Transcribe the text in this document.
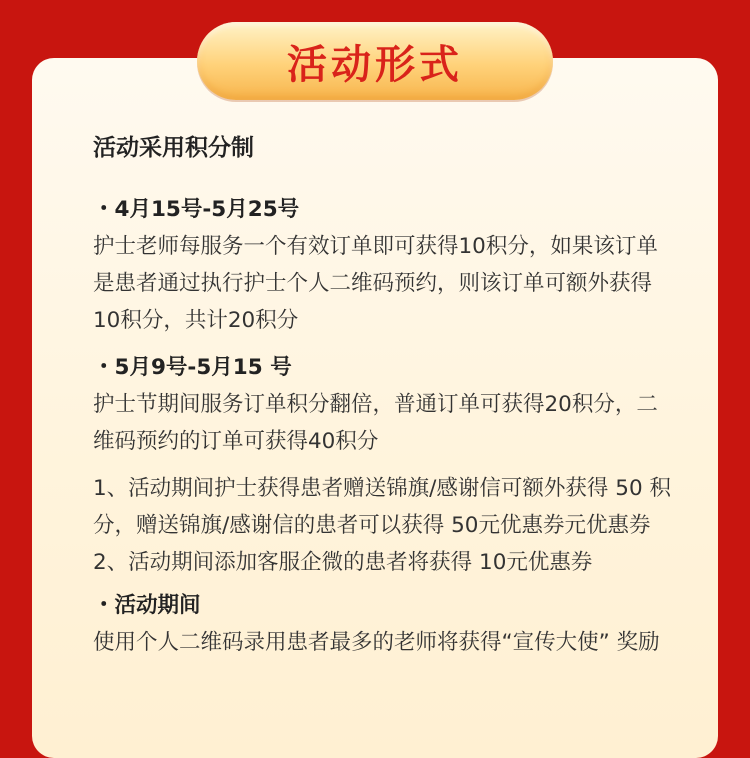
活动形式
活动采用积分制
・4月15号-5月25号

护士老师每服务一个有效订单即可获得10积分，如果该订单是患者通过执行护士个人二维码预约，则该订单可额外获得10积分，共计20积分

・5月9号-5月15 号

护士节期间服务订单积分翻倍，普通订单可获得20积分，二维码预约的订单可获得40积分

1、活动期间护士获得患者赠送锦旗/感谢信可额外获得 50 积分，赠送锦旗/感谢信的患者可以获得 50元优惠券元优惠券

2、活动期间添加客服企微的患者将获得 10元优惠券

・活动期间

使用个人二维码录用患者最多的老师将获得“宣传大使” 奖励
